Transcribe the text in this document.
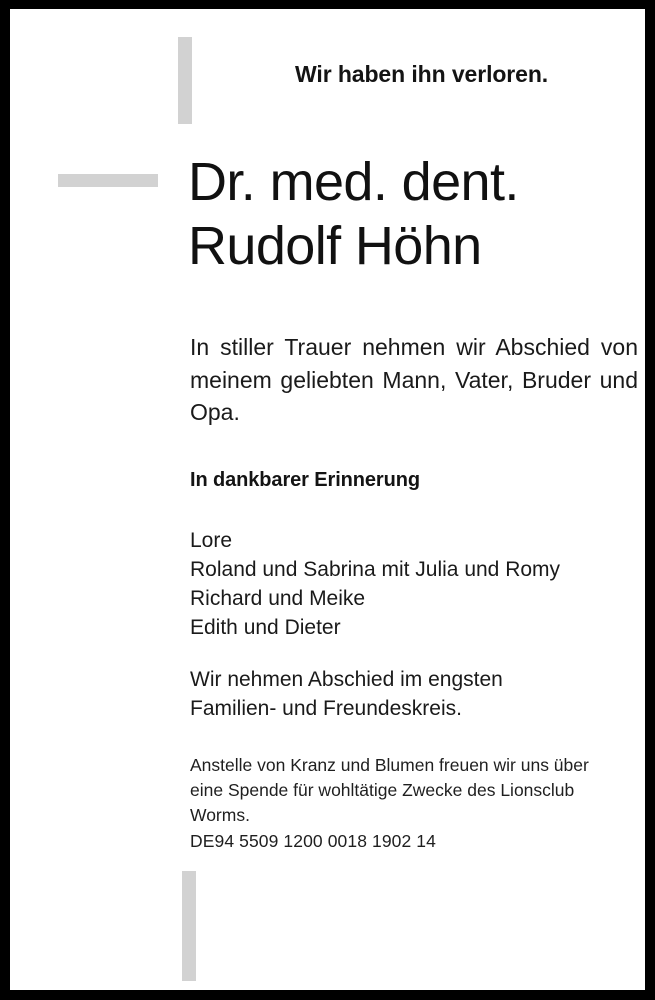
Wir haben ihn verloren.
Dr. med. dent.
Rudolf Höhn
In stiller Trauer nehmen wir Abschied von meinem geliebten Mann, Vater, Bruder und Opa.
In dankbarer Erinnerung
Lore
Roland und Sabrina mit Julia und Romy
Richard und Meike
Edith und Dieter
Wir nehmen Abschied im engsten
Familien- und Freundeskreis.
Anstelle von Kranz und Blumen freuen wir uns über
eine Spende für wohltätige Zwecke des Lionsclub
Worms.
DE94 5509 1200 0018 1902 14
